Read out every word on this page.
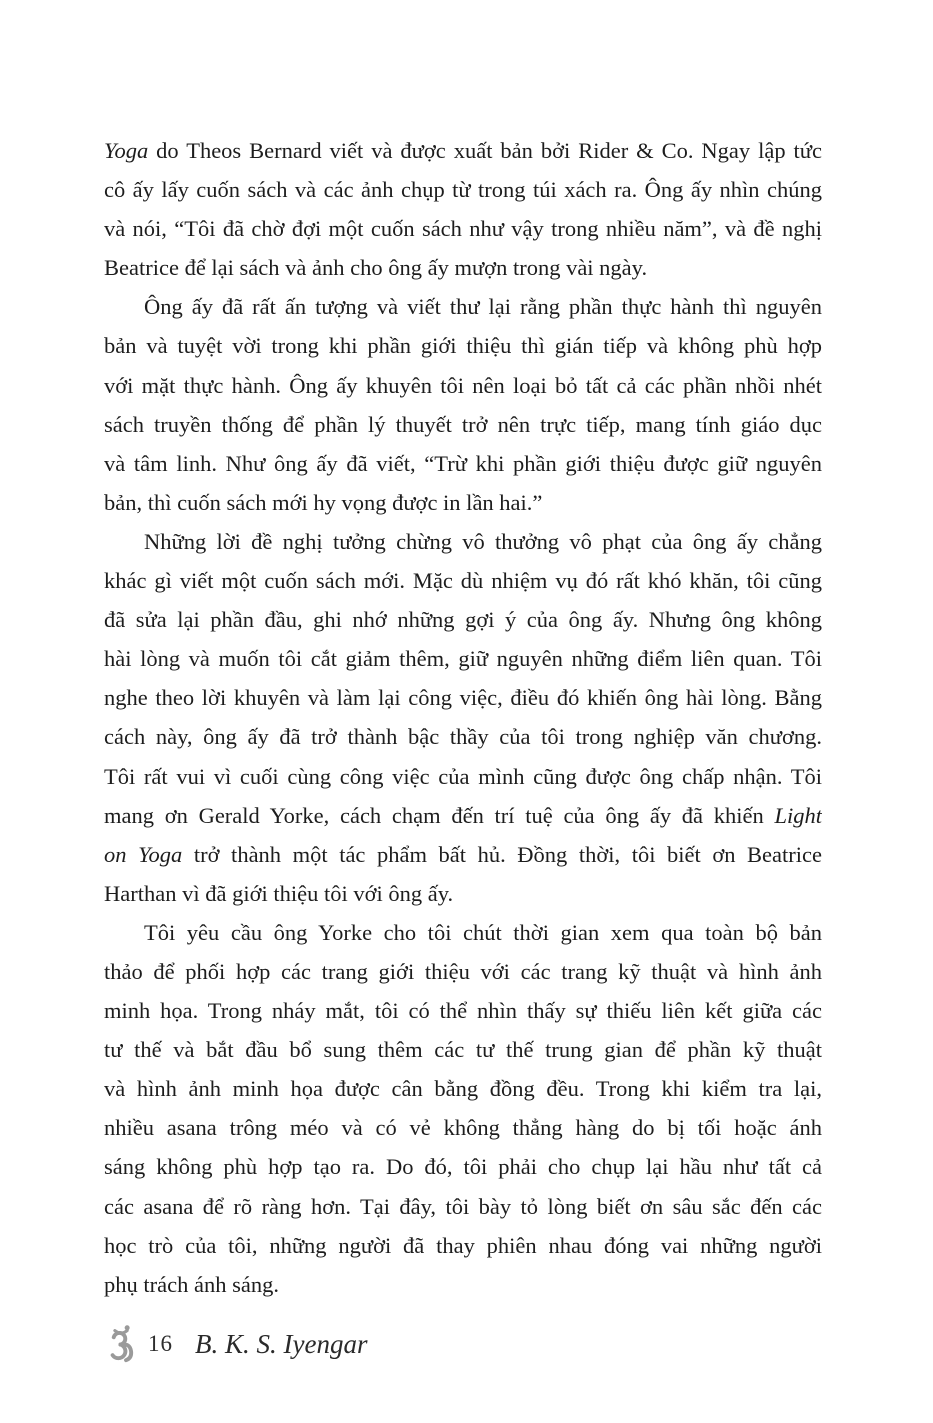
Yoga do Theos Bernard viết và được xuất bản bởi Rider & Co. Ngay lập tức
cô ấy lấy cuốn sách và các ảnh chụp từ trong túi xách ra. Ông ấy nhìn chúng
và nói, “Tôi đã chờ đợi một cuốn sách như vậy trong nhiều năm”, và đề nghị
Beatrice để lại sách và ảnh cho ông ấy mượn trong vài ngày.
Ông ấy đã rất ấn tượng và viết thư lại rằng phần thực hành thì nguyên
bản và tuyệt vời trong khi phần giới thiệu thì gián tiếp và không phù hợp
với mặt thực hành. Ông ấy khuyên tôi nên loại bỏ tất cả các phần nhồi nhét
sách truyền thống để phần lý thuyết trở nên trực tiếp, mang tính giáo dục
và tâm linh. Như ông ấy đã viết, “Trừ khi phần giới thiệu được giữ nguyên
bản, thì cuốn sách mới hy vọng được in lần hai.”
Những lời đề nghị tưởng chừng vô thưởng vô phạt của ông ấy chẳng
khác gì viết một cuốn sách mới. Mặc dù nhiệm vụ đó rất khó khăn, tôi cũng
đã sửa lại phần đầu, ghi nhớ những gợi ý của ông ấy. Nhưng ông không
hài lòng và muốn tôi cắt giảm thêm, giữ nguyên những điểm liên quan. Tôi
nghe theo lời khuyên và làm lại công việc, điều đó khiến ông hài lòng. Bằng
cách này, ông ấy đã trở thành bậc thầy của tôi trong nghiệp văn chương.
Tôi rất vui vì cuối cùng công việc của mình cũng được ông chấp nhận. Tôi
mang ơn Gerald Yorke, cách chạm đến trí tuệ của ông ấy đã khiến Light
on Yoga trở thành một tác phẩm bất hủ. Đồng thời, tôi biết ơn Beatrice
Harthan vì đã giới thiệu tôi với ông ấy.
Tôi yêu cầu ông Yorke cho tôi chút thời gian xem qua toàn bộ bản
thảo để phối hợp các trang giới thiệu với các trang kỹ thuật và hình ảnh
minh họa. Trong nháy mắt, tôi có thể nhìn thấy sự thiếu liên kết giữa các
tư thế và bắt đầu bổ sung thêm các tư thế trung gian để phần kỹ thuật
và hình ảnh minh họa được cân bằng đồng đều. Trong khi kiểm tra lại,
nhiều asana trông méo và có vẻ không thẳng hàng do bị tối hoặc ánh
sáng không phù hợp tạo ra. Do đó, tôi phải cho chụp lại hầu như tất cả
các asana để rõ ràng hơn. Tại đây, tôi bày tỏ lòng biết ơn sâu sắc đến các
học trò của tôi, những người đã thay phiên nhau đóng vai những người
phụ trách ánh sáng.
16 B. K. S. Iyengar
